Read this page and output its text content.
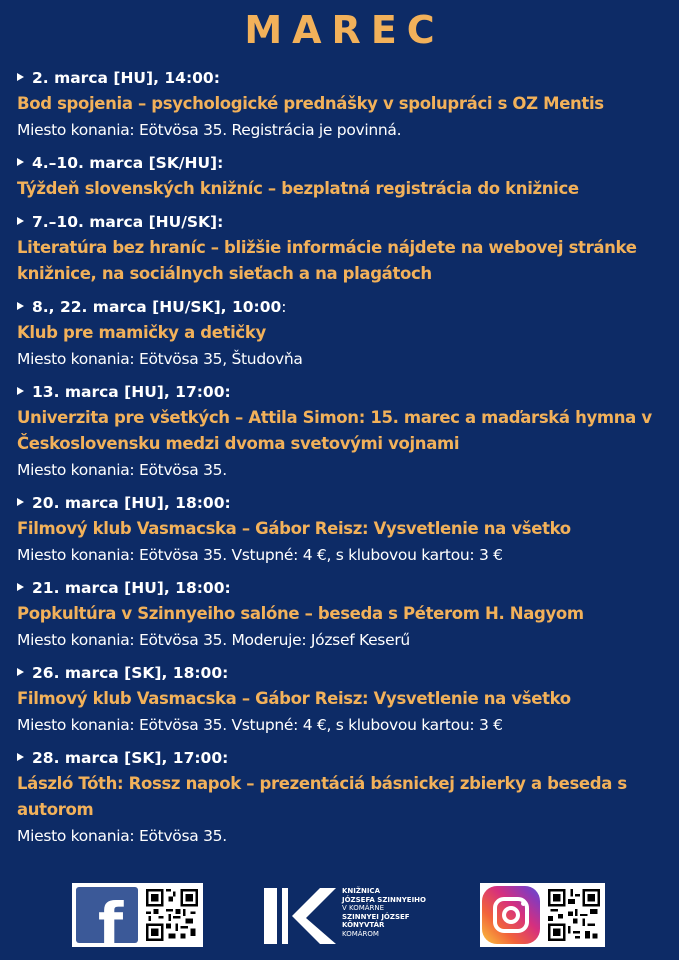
MAREC
2. marca [HU], 14:00:
Bod spojenia – psychologické prednášky v spolupráci s OZ Mentis
Miesto konania: Eötvösa 35. Registrácia je povinná.
4.–10. marca [SK/HU]:
Týždeň slovenských knižníc – bezplatná registrácia do knižnice
7.–10. marca [HU/SK]:
Literatúra bez hraníc – bližšie informácie nájdete na webovej stránke knižnice, na sociálnych sieťach a na plagátoch
8., 22. marca [HU/SK], 10:00:
Klub pre mamičky a detičky
Miesto konania: Eötvösa 35, Študovňa
13. marca [HU], 17:00:
Univerzita pre všetkých – Attila Simon: 15. marec a maďarská hymna v Československu medzi dvoma svetovými vojnami
Miesto konania: Eötvösa 35.
20. marca [HU], 18:00:
Filmový klub Vasmacska – Gábor Reisz: Vysvetlenie na všetko
Miesto konania: Eötvösa 35. Vstupné: 4 €, s klubovou kartou: 3 €
21. marca [HU], 18:00:
Popkultúra v Szinnyeiho salóne – beseda s Péterom H. Nagyom
Miesto konania: Eötvösa 35. Moderuje: József Keserű
26. marca [SK], 18:00:
Filmový klub Vasmacska – Gábor Reisz: Vysvetlenie na všetko
Miesto konania: Eötvösa 35. Vstupné: 4 €, s klubovou kartou: 3 €
28. marca [SK], 17:00:
László Tóth: Rossz napok – prezentáciá básnickej zbierky a beseda s autorom
Miesto konania: Eötvösa 35.
f	KNIŽNICA
JÓZSEFA SZINNYEIHO
V KOMÁRNE
SZINNYEI JÓZSEF
KÖNYVTÁR
KOMÁROM
